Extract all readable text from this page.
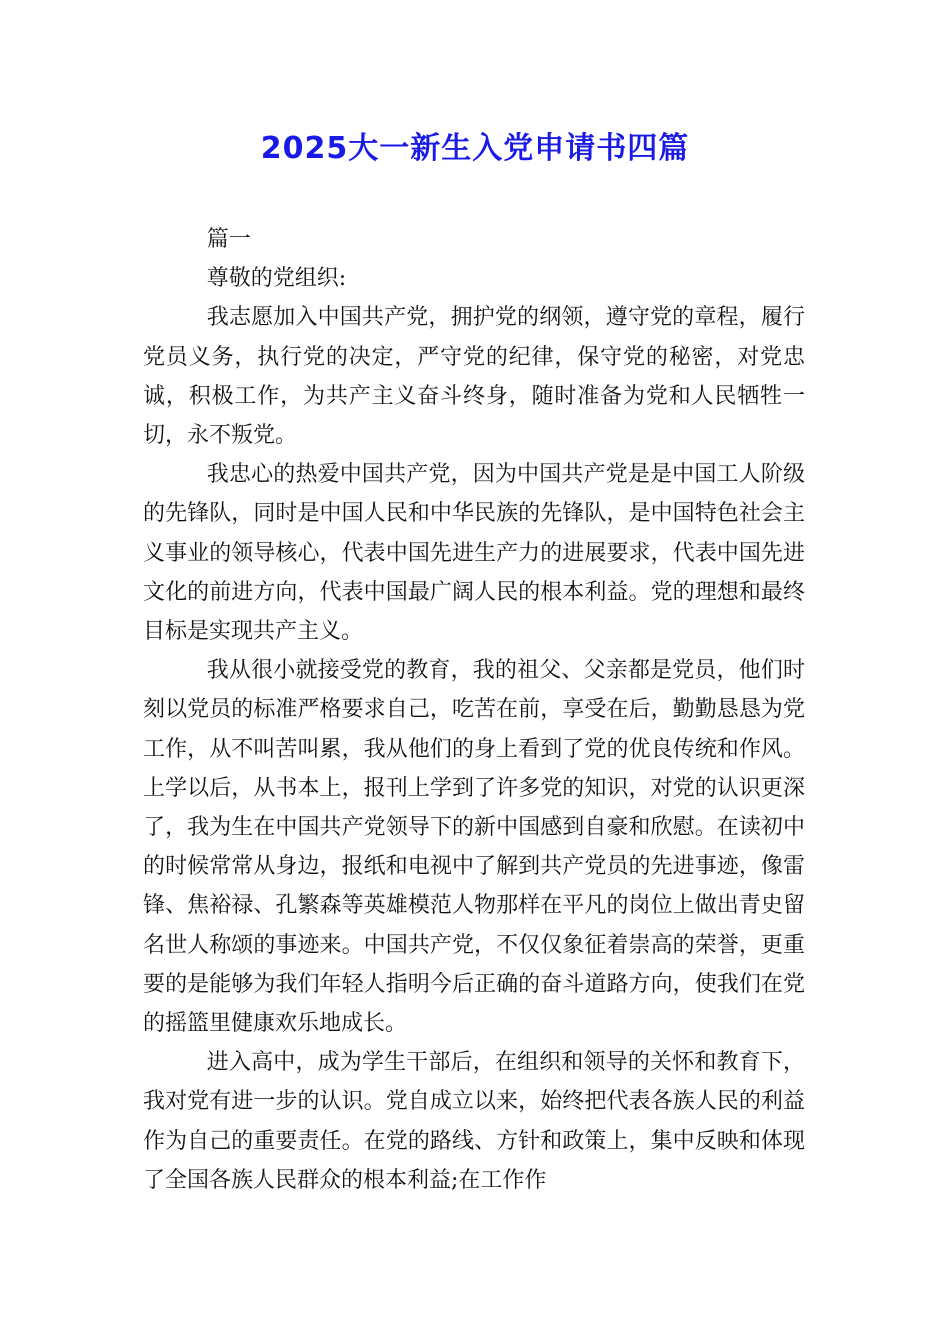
2025大一新生入党申请书四篇

篇一

尊敬的党组织:

我志愿加入中国共产党，拥护党的纲领，遵守党的章程，履行党员义务，执行党的决定，严守党的纪律，保守党的秘密，对党忠诚，积极工作，为共产主义奋斗终身，随时准备为党和人民牺牲一切，永不叛党。

我忠心的热爱中国共产党，因为中国共产党是是中国工人阶级的先锋队，同时是中国人民和中华民族的先锋队，是中国特色社会主义事业的领导核心，代表中国先进生产力的进展要求，代表中国先进文化的前进方向，代表中国最广阔人民的根本利益。党的理想和最终目标是实现共产主义。

我从很小就接受党的教育，我的祖父、父亲都是党员，他们时刻以党员的标准严格要求自己，吃苦在前，享受在后，勤勤恳恳为党工作，从不叫苦叫累，我从他们的身上看到了党的优良传统和作风。上学以后，从书本上，报刊上学到了许多党的知识，对党的认识更深了，我为生在中国共产党领导下的新中国感到自豪和欣慰。在读初中的时候常常从身边，报纸和电视中了解到共产党员的先进事迹，像雷锋、焦裕禄、孔繁森等英雄模范人物那样在平凡的岗位上做出青史留名世人称颂的事迹来。中国共产党，不仅仅象征着崇高的荣誉，更重要的是能够为我们年轻人指明今后正确的奋斗道路方向，使我们在党的摇篮里健康欢乐地成长。

进入高中，成为学生干部后，在组织和领导的关怀和教育下，我对党有进一步的认识。党自成立以来，始终把代表各族人民的利益作为自己的重要责任。在党的路线、方针和政策上，集中反映和体现了全国各族人民群众的根本利益;在工作作
